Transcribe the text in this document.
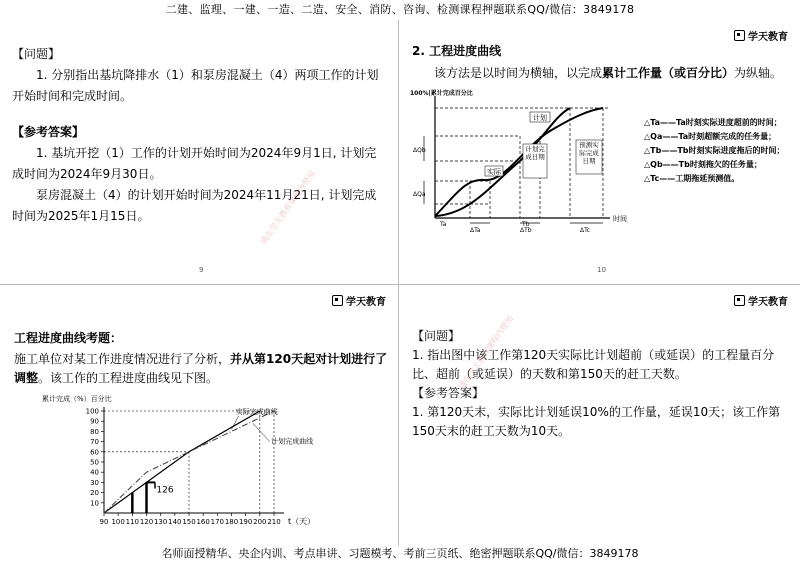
二建、监理、一建、一造、二造、安全、消防、咨询、检测课程押题联系QQ/微信：3849178
【问题】
1. 分别指出基坑降排水（1）和泵房混凝土（4）两项工作的计划开始时间和完成时间。
【参考答案】
1. 基坑开挖（1）工作的计划开始时间为2024年9月1日, 计划完成时间为2024年9月30日。
泵房混凝土（4）的计划开始时间为2024年11月21日, 计划完成时间为2025年1月15日。
9
请在学天教育课程内使用
学天教育
2. 工程进度曲线
该方法是以时间为横轴，以完成累计工作量（或百分比）为纵轴。
100%|累计完成百分比
计划
实际
计划完成日期
预测实际完成日期
ΔQb
ΔQa
Ta	Tb
ΔTa	ΔTb	ΔTc
时间
△Ta——Ta时刻实际进度超前的时间；
△Qa——Ta时刻超额完成的任务量；
△Tb——Tb时刻实际进度拖后的时间；
△Qb——Tb时刻拖欠的任务量；
△Tc——工期拖延预测值。
10
学天教育
工程进度曲线考题：
施工单位对某工作进度情况进行了分析，并从第120天起对计划进行了调整。该工作的工程进度曲线见下图。
10
20
30
40
50
60
70
80
90
100
90 100 110 120 130 140 150 160 170 180 190 200 210
累计完成（%）百分比
t（天）
126
实际完成曲线
计划完成曲线
学天教育
【问题】
1. 指出图中该工作第120天实际比计划超前（或延误）的工程量百分比、超前（或延误）的天数和第150天的赶工天数。
【参考答案】
1. 第120天末，实际比计划延误10%的工作量，延误10天；该工作第150天末的赶工天数为10天。
请在学天教育课程内使用
名师面授精华、央企内训、考点串讲、习题模考、考前三页纸、绝密押题联系QQ/微信：3849178
